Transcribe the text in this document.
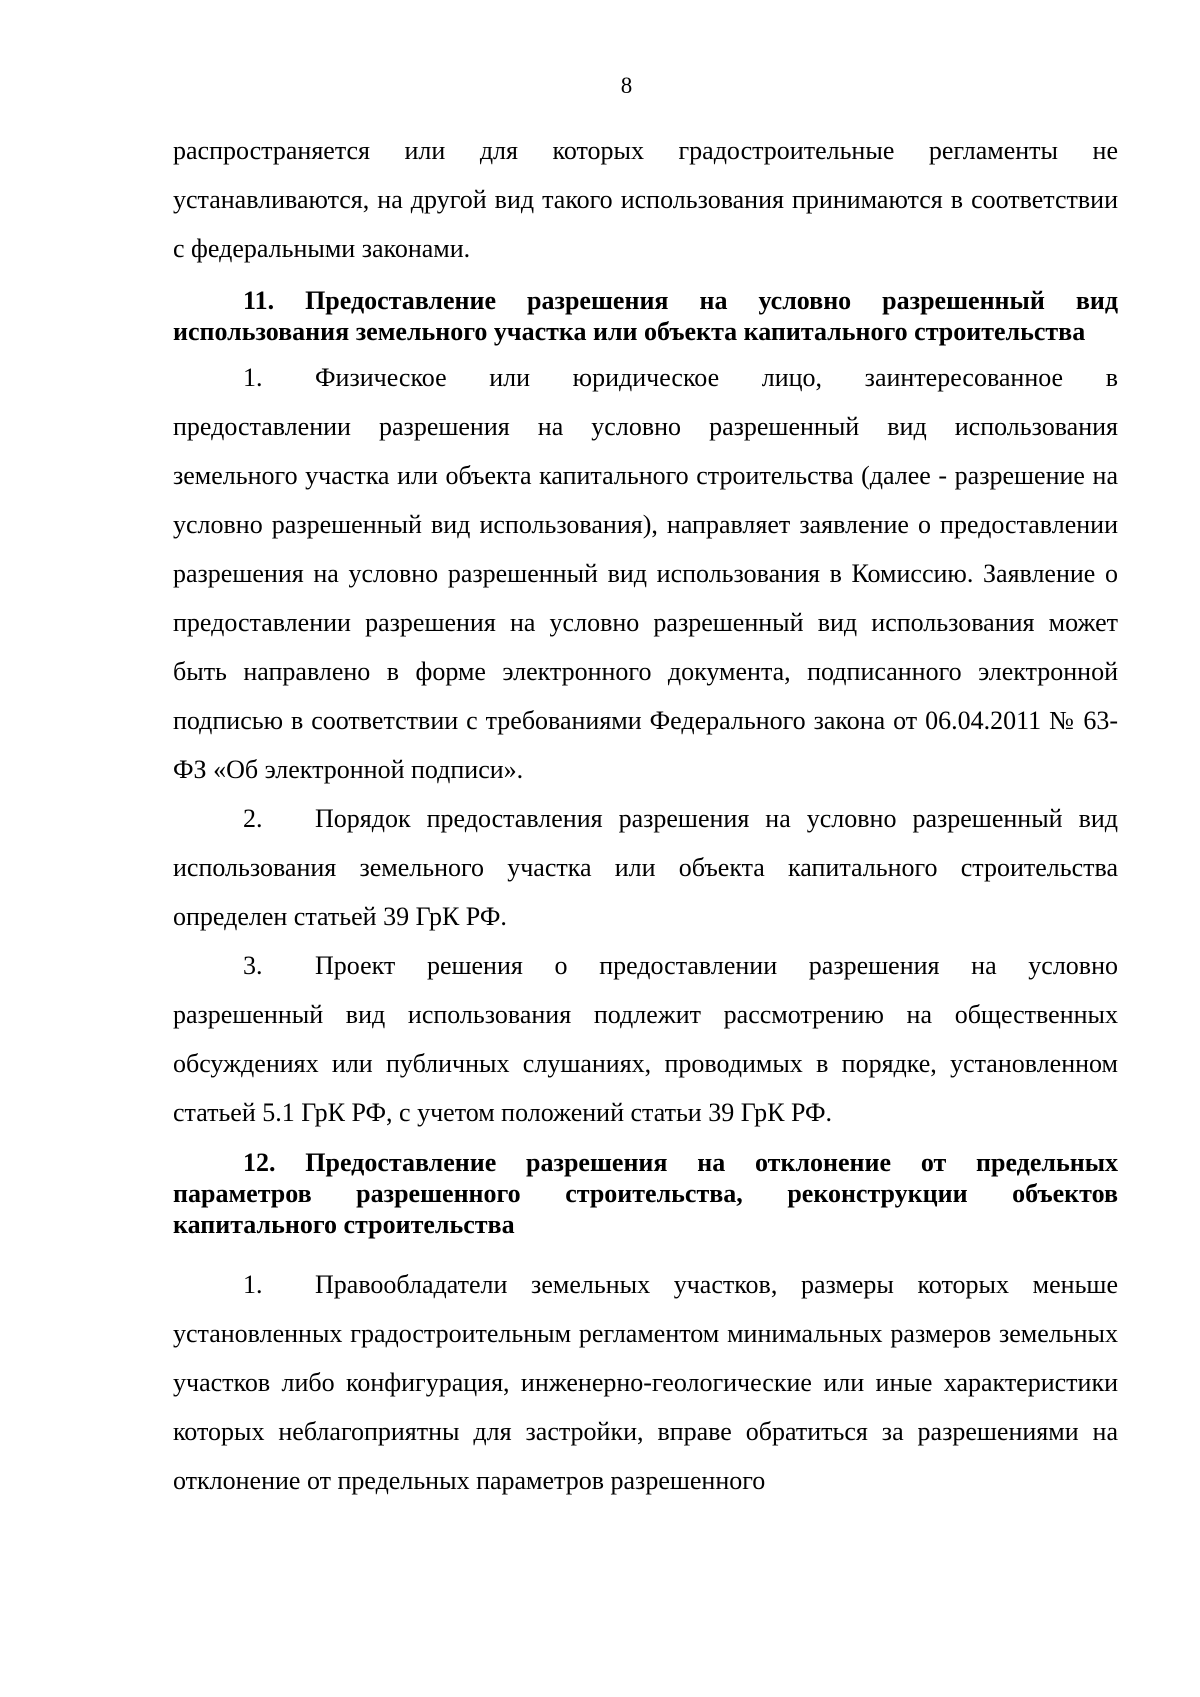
8

распространяется или для которых градостроительные регламенты не устанавливаются, на другой вид такого использования принимаются в соответствии с федеральными законами.

11. Предоставление разрешения на условно разрешенный вид использования земельного участка или объекта капитального строительства

1. Физическое или юридическое лицо, заинтересованное в предоставлении разрешения на условно разрешенный вид использования земельного участка или объекта капитального строительства (далее - разрешение на условно разрешенный вид использования), направляет заявление о предоставлении разрешения на условно разрешенный вид использования в Комиссию. Заявление о предоставлении разрешения на условно разрешенный вид использования может быть направлено в форме электронного документа, подписанного электронной подписью в соответствии с требованиями Федерального закона от 06.04.2011 № 63-ФЗ «Об электронной подписи».

2. Порядок предоставления разрешения на условно разрешенный вид использования земельного участка или объекта капитального строительства определен статьей 39 ГрК РФ.

3. Проект решения о предоставлении разрешения на условно разрешенный вид использования подлежит рассмотрению на общественных обсуждениях или публичных слушаниях, проводимых в порядке, установленном статьей 5.1 ГрК РФ, с учетом положений статьи 39 ГрК РФ.

12. Предоставление разрешения на отклонение от предельных параметров разрешенного строительства, реконструкции объектов капитального строительства

1. Правообладатели земельных участков, размеры которых меньше установленных градостроительным регламентом минимальных размеров земельных участков либо конфигурация, инженерно-геологические или иные характеристики которых неблагоприятны для застройки, вправе обратиться за разрешениями на отклонение от предельных параметров разрешенного
